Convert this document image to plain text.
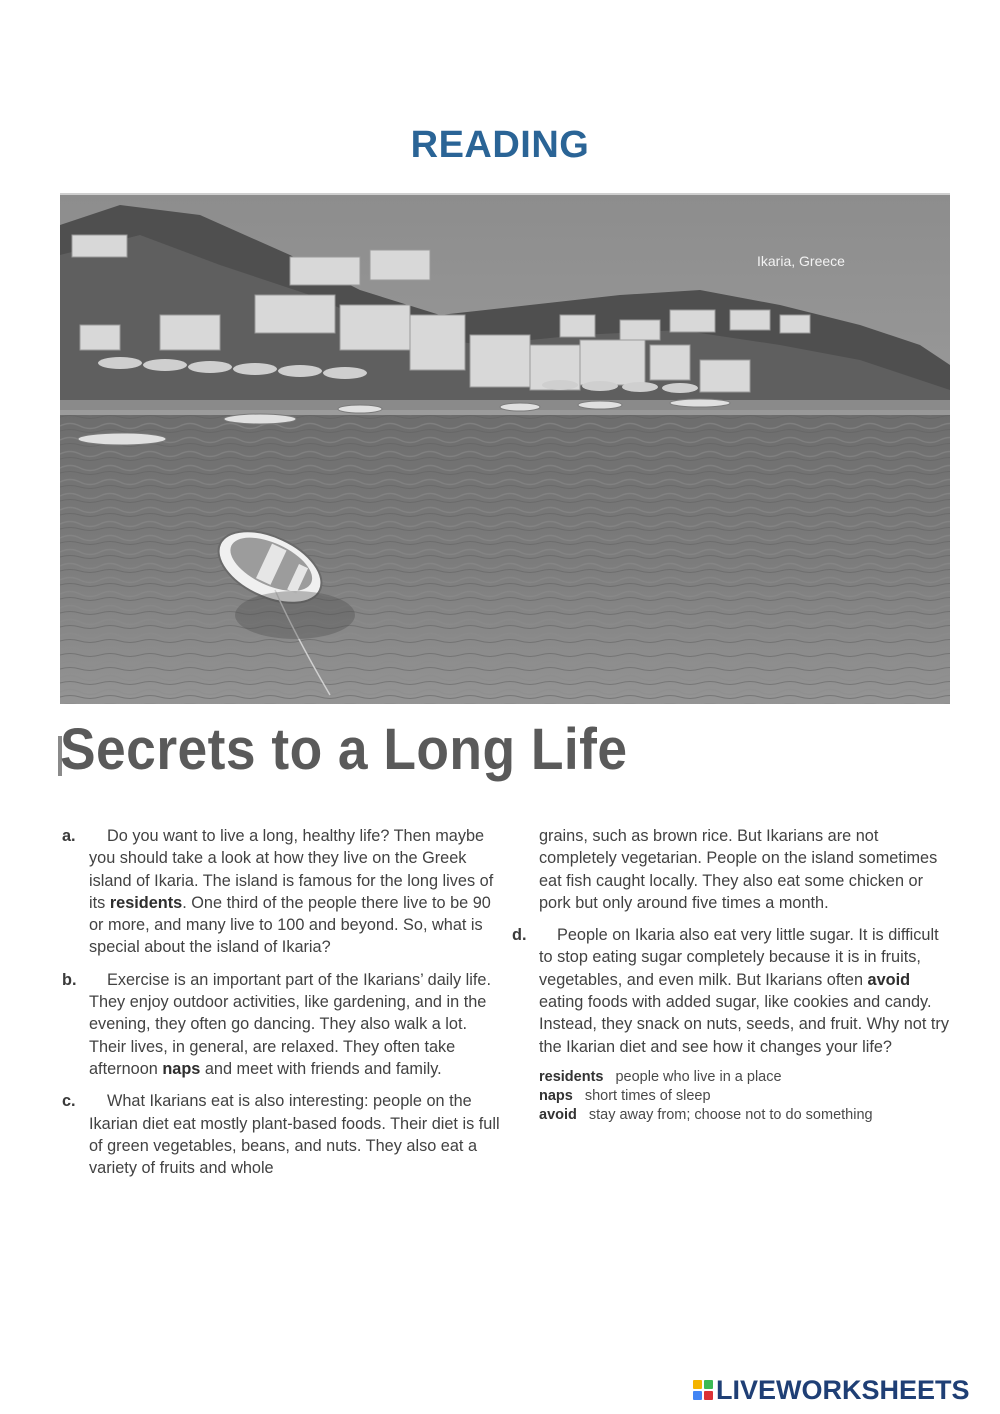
READING
Ikaria, Greece
Secrets to a Long Life
a. Do you want to live a long, healthy life? Then maybe you should take a look at how they live on the Greek island of Ikaria. The island is famous for the long lives of its residents. One third of the people there live to be 90 or more, and many live to 100 and beyond. So, what is special about the island of Ikaria?
b. Exercise is an important part of the Ikarians’ daily life. They enjoy outdoor activities, like gardening, and in the evening, they often go dancing. They also walk a lot. Their lives, in general, are relaxed. They often take afternoon naps and meet with friends and family.
c. What Ikarians eat is also interesting: people on the Ikarian diet eat mostly plant-based foods. Their diet is full of green vegetables, beans, and nuts. They also eat a variety of fruits and whole
grains, such as brown rice. But Ikarians are not completely vegetarian. People on the island sometimes eat fish caught locally. They also eat some chicken or pork but only around five times a month.
d. People on Ikaria also eat very little sugar. It is difficult to stop eating sugar completely because it is in fruits, vegetables, and even milk. But Ikarians often avoid eating foods with added sugar, like cookies and candy. Instead, they snack on nuts, seeds, and fruit. Why not try the Ikarian diet and see how it changes your life?
residents people who live in a place
naps short times of sleep
avoid stay away from; choose not to do something
LIVEWORKSHEETS
